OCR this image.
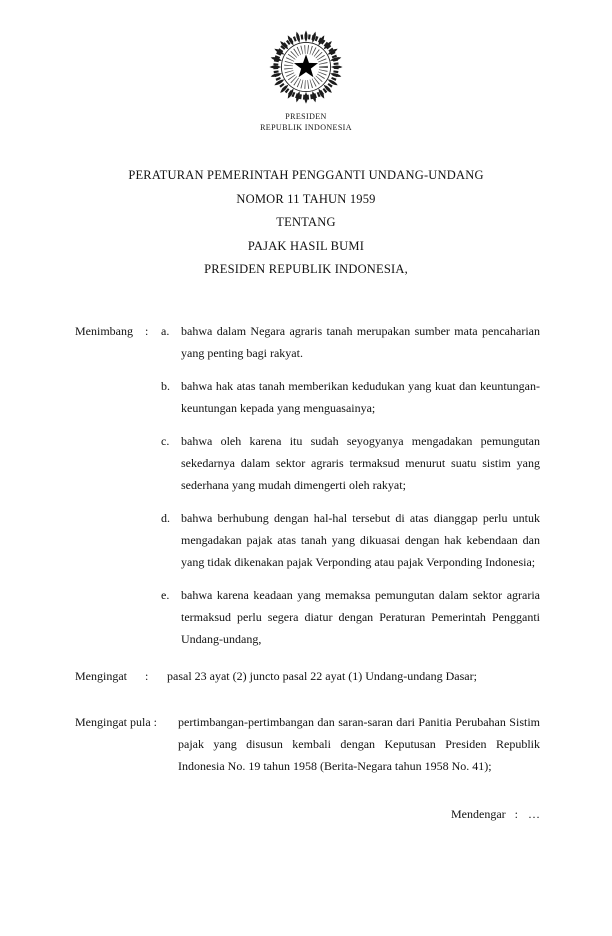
PRESIDEN
REPUBLIK INDONESIA
PERATURAN PEMERINTAH PENGGANTI UNDANG-UNDANG
NOMOR 11 TAHUN 1959
TENTANG
PAJAK HASIL BUMI
PRESIDEN REPUBLIK INDONESIA,
Menimbang	:	a. bahwa dalam Negara agraris tanah merupakan sumber mata pencaharian yang penting bagi rakyat.
b. bahwa hak atas tanah memberikan kedudukan yang kuat dan keuntungan-keuntungan kepada yang menguasainya;
c. bahwa oleh karena itu sudah seyogyanya mengadakan pemungutan sekedarnya dalam sektor agraris termaksud menurut suatu sistim yang sederhana yang mudah dimengerti oleh rakyat;
d. bahwa berhubung dengan hal-hal tersebut di atas dianggap perlu untuk mengadakan pajak atas tanah yang dikuasai dengan hak kebendaan dan yang tidak dikenakan pajak Verponding atau pajak Verponding Indonesia;
e. bahwa karena keadaan yang memaksa pemungutan dalam sektor agraria termaksud perlu segera diatur dengan Peraturan Pemerintah Pengganti Undang-undang,
Mengingat	:	pasal 23 ayat (2) juncto pasal 22 ayat (1) Undang-undang Dasar;
Mengingat pula :	pertimbangan-pertimbangan dan saran-saran dari Panitia Perubahan Sistim pajak yang disusun kembali dengan Keputusan Presiden Republik Indonesia No. 19 tahun 1958 (Berita-Negara tahun 1958 No. 41);
Mendengar : …
